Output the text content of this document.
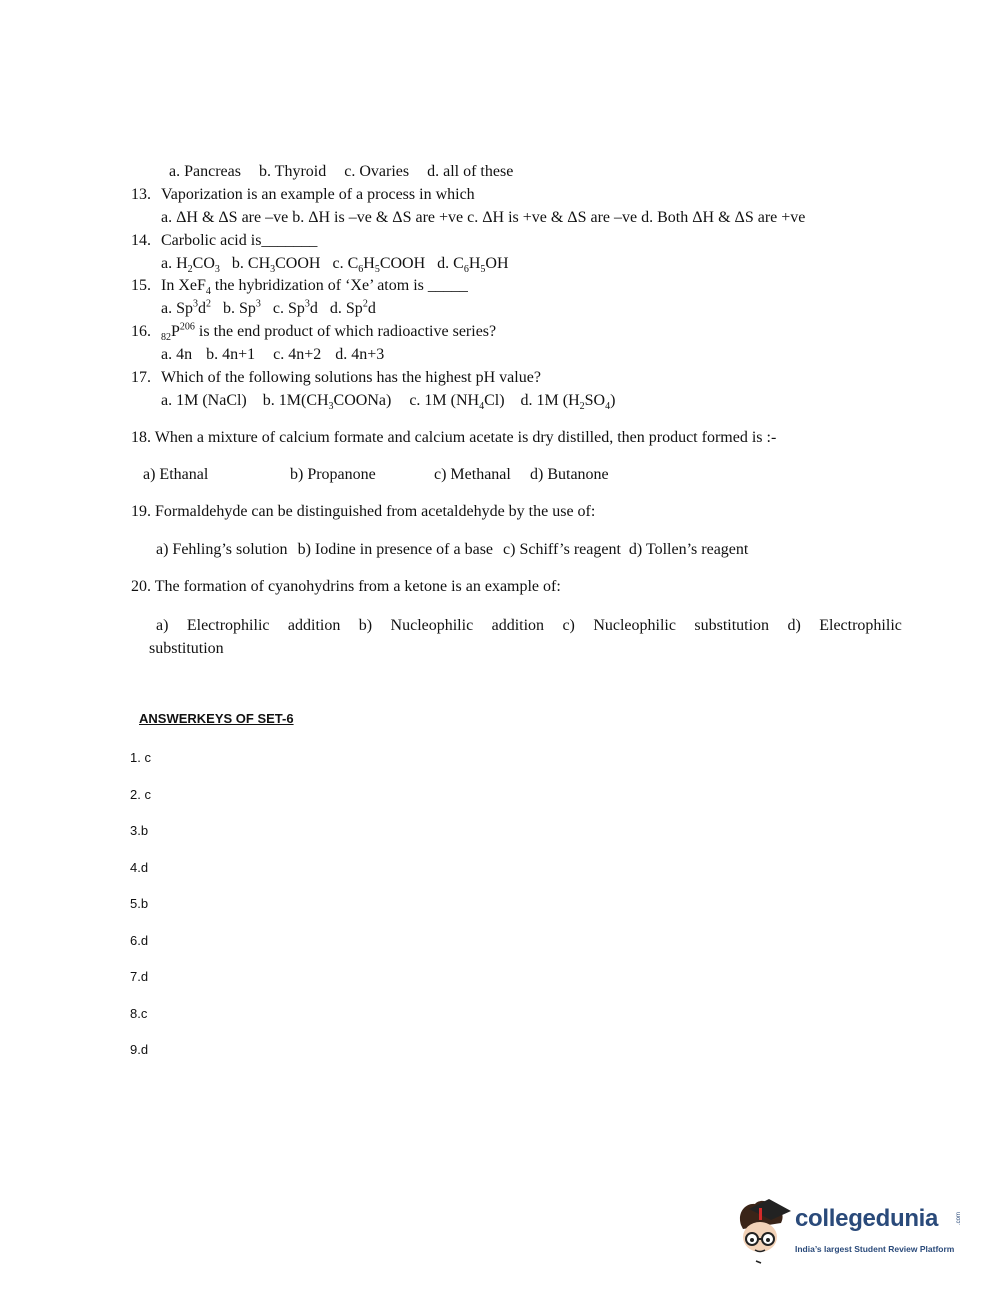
a. Pancreas b. Thyroid c. Ovaries d. all of these
13. Vaporization is an example of a process in which
a. ΔH & ΔS are –ve b. ΔH is –ve & ΔS are +ve c. ΔH is +ve & ΔS are –ve d. Both ΔH & ΔS are +ve
14. Carbolic acid is_______
a. $H_2CO_3$ b. $CH_3COOH$ c. $C_6H_5COOH$ d. $C_6H_5OH$
15. In XeF$_4$ the hybridization of ‘Xe’ atom is _____
a. $Sp^3d^2$ b. Sp$^3$ c. Sp$^3$d d. Sp$^2$d
16. $_{82}P^{206}$ is the end product of which radioactive series?
a. 4n b. 4n+1 c. 4n+2 d. 4n+3
17. Which of the following solutions has the highest pH value?
a. 1M (NaCl) b. $1M(CH_3COONa)$ c. 1M $(NH_4Cl)$ d. 1M $(H_2SO_4)$
18. When a mixture of calcium formate and calcium acetate is dry distilled, then product formed is :-
a) Ethanal	b) Propanone	c) Methanal d) Butanone
19. Formaldehyde can be distinguished from acetaldehyde by the use of:
a) Fehling’s solution b) Iodine in presence of a base c) Schiff’s reagent d) Tollen’s reagent
20. The formation of cyanohydrins from a ketone is an example of:
a) Electrophilic addition b) Nucleophilic addition c) Nucleophilic substitution d) Electrophilic
substitution
ANSWERKEYS OF SET-6
1. c
2. c
3.b
4.d
5.b
6.d
7.d
8.c
9.d
collegedunia	.com
India’s largest Student Review Platform
